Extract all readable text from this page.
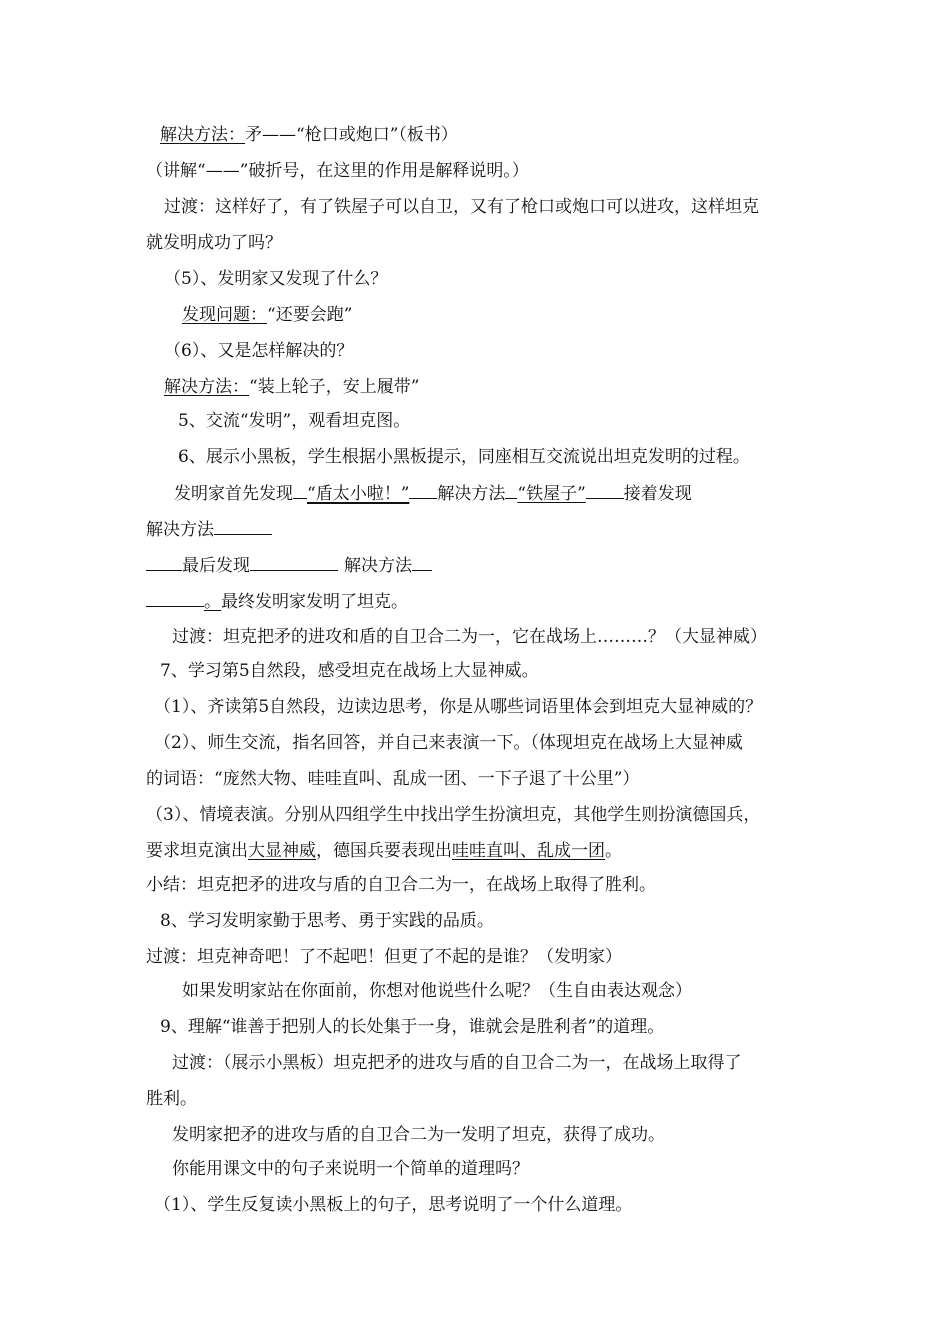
解决方法：矛——“枪口或炮口”（板书）
（讲解“——”破折号，在这里的作用是解释说明。）
过渡：这样好了，有了铁屋子可以自卫，又有了枪口或炮口可以进攻，这样坦克
就发明成功了吗？
（5）、发明家又发现了什么？
发现问题：“还要会跑”
（6）、又是怎样解决的？
解决方法：“装上轮子，安上履带”
5、交流“发明”，观看坦克图。
6、展示小黑板，学生根据小黑板提示，同座相互交流说出坦克发明的过程。
发明家首先发现 “盾太小啦！” 解决方法 “铁屋子” 接着发现
解决方法
最后发现	解决方法
。最终发明家发明了坦克。
过渡：坦克把矛的进攻和盾的自卫合二为一，它在战场上………？（大显神威）
7、学习第5自然段，感受坦克在战场上大显神威。
（1）、齐读第5自然段，边读边思考，你是从哪些词语里体会到坦克大显神威的？
（2）、师生交流，指名回答，并自己来表演一下。（体现坦克在战场上大显神威
的词语：“庞然大物、哇哇直叫、乱成一团、一下子退了十公里”）
（3）、情境表演。分别从四组学生中找出学生扮演坦克，其他学生则扮演德国兵，
要求坦克演出大显神威，德国兵要表现出哇哇直叫、乱成一团。
小结：坦克把矛的进攻与盾的自卫合二为一，在战场上取得了胜利。
8、学习发明家勤于思考、勇于实践的品质。
过渡：坦克神奇吧！了不起吧！但更了不起的是谁？（发明家）
如果发明家站在你面前，你想对他说些什么呢？（生自由表达观念）
9、理解“谁善于把别人的长处集于一身，谁就会是胜利者”的道理。
过渡：（展示小黑板）坦克把矛的进攻与盾的自卫合二为一，在战场上取得了
胜利。
发明家把矛的进攻与盾的自卫合二为一发明了坦克，获得了成功。
你能用课文中的句子来说明一个简单的道理吗？
（1）、学生反复读小黑板上的句子，思考说明了一个什么道理。
